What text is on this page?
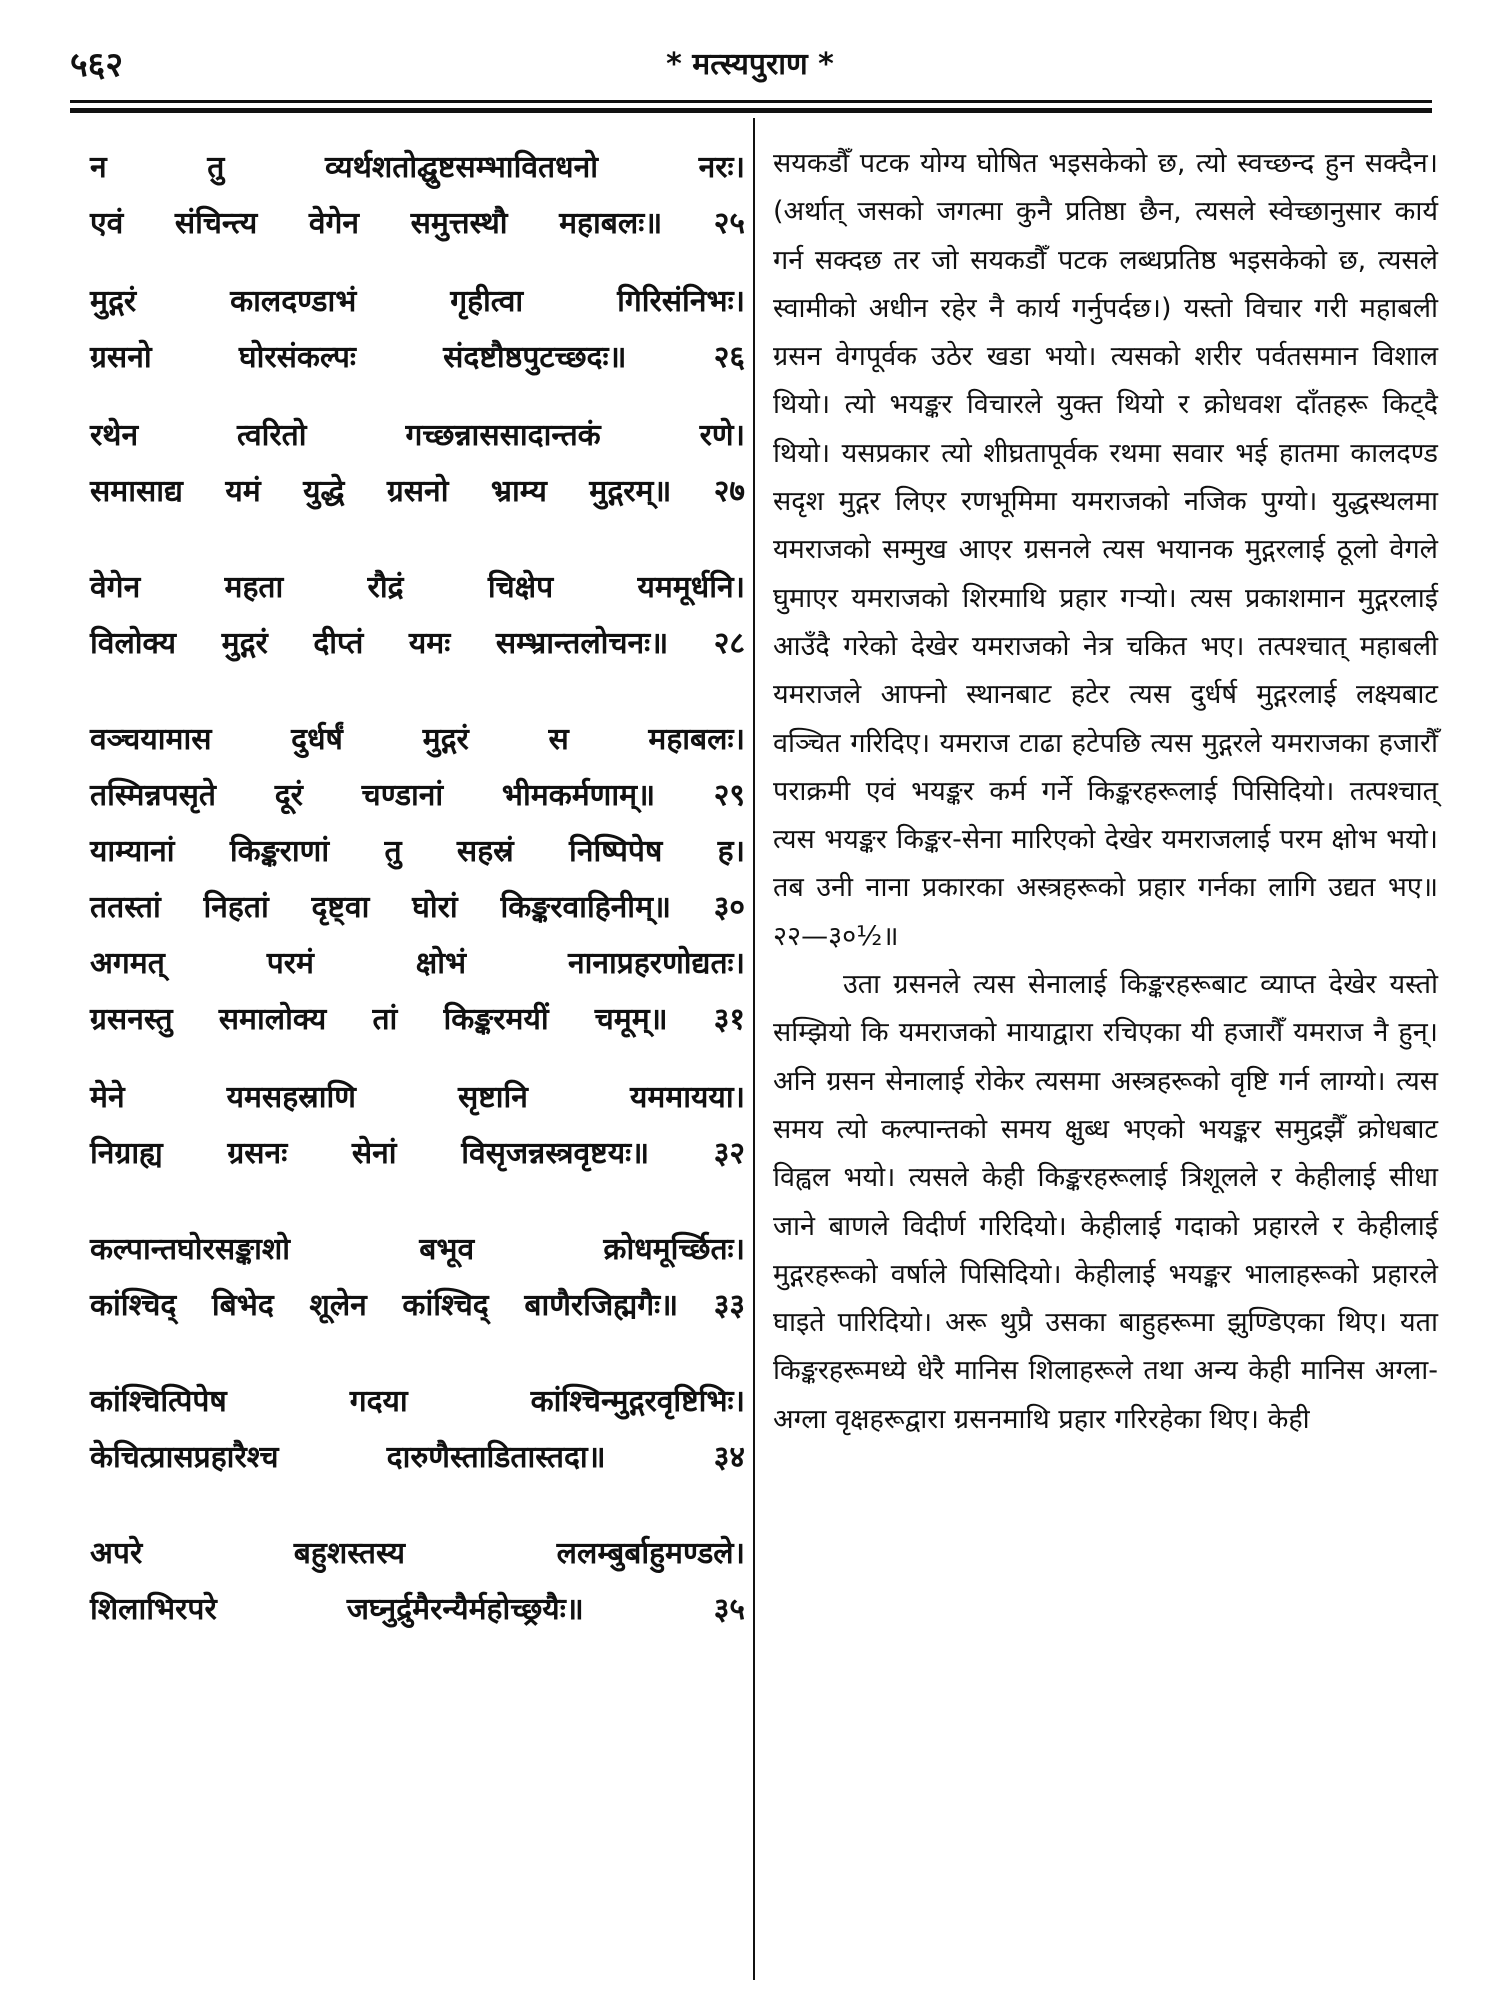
५६२	* मत्स्यपुराण *
न	तु	व्यर्थशतोद्घुष्टसम्भावितधनो	नरः।
एवं संचिन्त्य वेगेन समुत्तस्थौ महाबलः॥ २५
मुद्गरं	कालदण्डाभं	गृहीत्वा	गिरिसंनिभः।
ग्रसनो	घोरसंकल्पः	संदष्टौष्ठपुटच्छदः॥	२६
रथेन	त्वरितो	गच्छन्नाससादान्तकं	रणे।
समासाद्य यमं युद्धे ग्रसनो भ्राम्य मुद्गरम्॥ २७
वेगेन	महता	रौद्रं	चिक्षेप	यममूर्धनि।
विलोक्य मुद्गरं दीप्तं यमः सम्भ्रान्तलोचनः॥ २८
वञ्चयामास	दुर्धर्षं	मुद्गरं	स	महाबलः।
तस्मिन्नपसृते दूरं चण्डानां भीमकर्मणाम्॥ २९
याम्यानां किङ्कराणां तु सहस्रं निष्पिपेष ह।
ततस्तां निहतां दृष्ट्वा घोरां किङ्करवाहिनीम्॥ ३०
अगमत्	परमं	क्षोभं	नानाप्रहरणोद्यतः।
ग्रसनस्तु समालोक्य तां किङ्करमयीं चमूम्॥ ३१
मेने	यमसहस्राणि	सृष्टानि	यममायया।
निग्राह्य ग्रसनः सेनां विसृजन्नस्त्रवृष्टयः॥ ३२
कल्पान्तघोरसङ्काशो	बभूव	क्रोधमूर्च्छितः।
कांश्चिद् बिभेद शूलेन कांश्चिद् बाणैरजिह्मगैः॥ ३३
कांश्चित्पिपेष	गदया	कांश्चिन्मुद्गरवृष्टिभिः।
केचित्प्रासप्रहारैश्च	दारुणैस्ताडितास्तदा॥	३४
अपरे	बहुशस्तस्य	ललम्बुर्बाहुमण्डले।
शिलाभिरपरे	जघ्नुर्द्रुमैरन्यैर्महोच्छ्रयैः॥	३५

सयकडौँ पटक योग्य घोषित भइसकेको छ, त्यो स्वच्छन्द हुन सक्दैन। (अर्थात् जसको जगत्मा कुनै प्रतिष्ठा छैन, त्यसले स्वेच्छानुसार कार्य गर्न सक्दछ तर जो सयकडौँ पटक लब्धप्रतिष्ठ भइसकेको छ, त्यसले स्वामीको अधीन रहेर नै कार्य गर्नुपर्दछ।) यस्तो विचार गरी महाबली ग्रसन वेगपूर्वक उठेर खडा भयो। त्यसको शरीर पर्वतसमान विशाल थियो। त्यो भयङ्कर विचारले युक्त थियो र क्रोधवश दाँतहरू किट्दै थियो। यसप्रकार त्यो शीघ्रतापूर्वक रथमा सवार भई हातमा कालदण्ड सदृश मुद्गर लिएर रणभूमिमा यमराजको नजिक पुग्यो। युद्धस्थलमा यमराजको सम्मुख आएर ग्रसनले त्यस भयानक मुद्गरलाई ठूलो वेगले घुमाएर यमराजको शिरमाथि प्रहार गर्‍यो। त्यस प्रकाशमान मुद्गरलाई आउँदै गरेको देखेर यमराजको नेत्र चकित भए। तत्पश्चात् महाबली यमराजले आफ्नो स्थानबाट हटेर त्यस दुर्धर्ष मुद्गरलाई लक्ष्यबाट वञ्चित गरिदिए। यमराज टाढा हटेपछि त्यस मुद्गरले यमराजका हजारौँ पराक्रमी एवं भयङ्कर कर्म गर्ने किङ्करहरूलाई पिसिदियो। तत्पश्चात् त्यस भयङ्कर किङ्कर-सेना मारिएको देखेर यमराजलाई परम क्षोभ भयो। तब उनी नाना प्रकारका अस्त्रहरूको प्रहार गर्नका लागि उद्यत भए॥ २२—३०½॥

उता ग्रसनले त्यस सेनालाई किङ्करहरूबाट व्याप्त देखेर यस्तो सम्झियो कि यमराजको मायाद्वारा रचिएका यी हजारौँ यमराज नै हुन्। अनि ग्रसन सेनालाई रोकेर त्यसमा अस्त्रहरूको वृष्टि गर्न लाग्यो। त्यस समय त्यो कल्पान्तको समय क्षुब्ध भएको भयङ्कर समुद्रझैँ क्रोधबाट विह्वल भयो। त्यसले केही किङ्करहरूलाई त्रिशूलले र केहीलाई सीधा जाने बाणले विदीर्ण गरिदियो। केहीलाई गदाको प्रहारले र केहीलाई मुद्गरहरूको वर्षाले पिसिदियो। केहीलाई भयङ्कर भालाहरूको प्रहारले घाइते पारिदियो। अरू थुप्रै उसका बाहुहरूमा झुण्डिएका थिए। यता किङ्करहरूमध्ये धेरै मानिस शिलाहरूले तथा अन्य केही मानिस अग्ला-अग्ला वृक्षहरूद्वारा ग्रसनमाथि प्रहार गरिरहेका थिए। केही
